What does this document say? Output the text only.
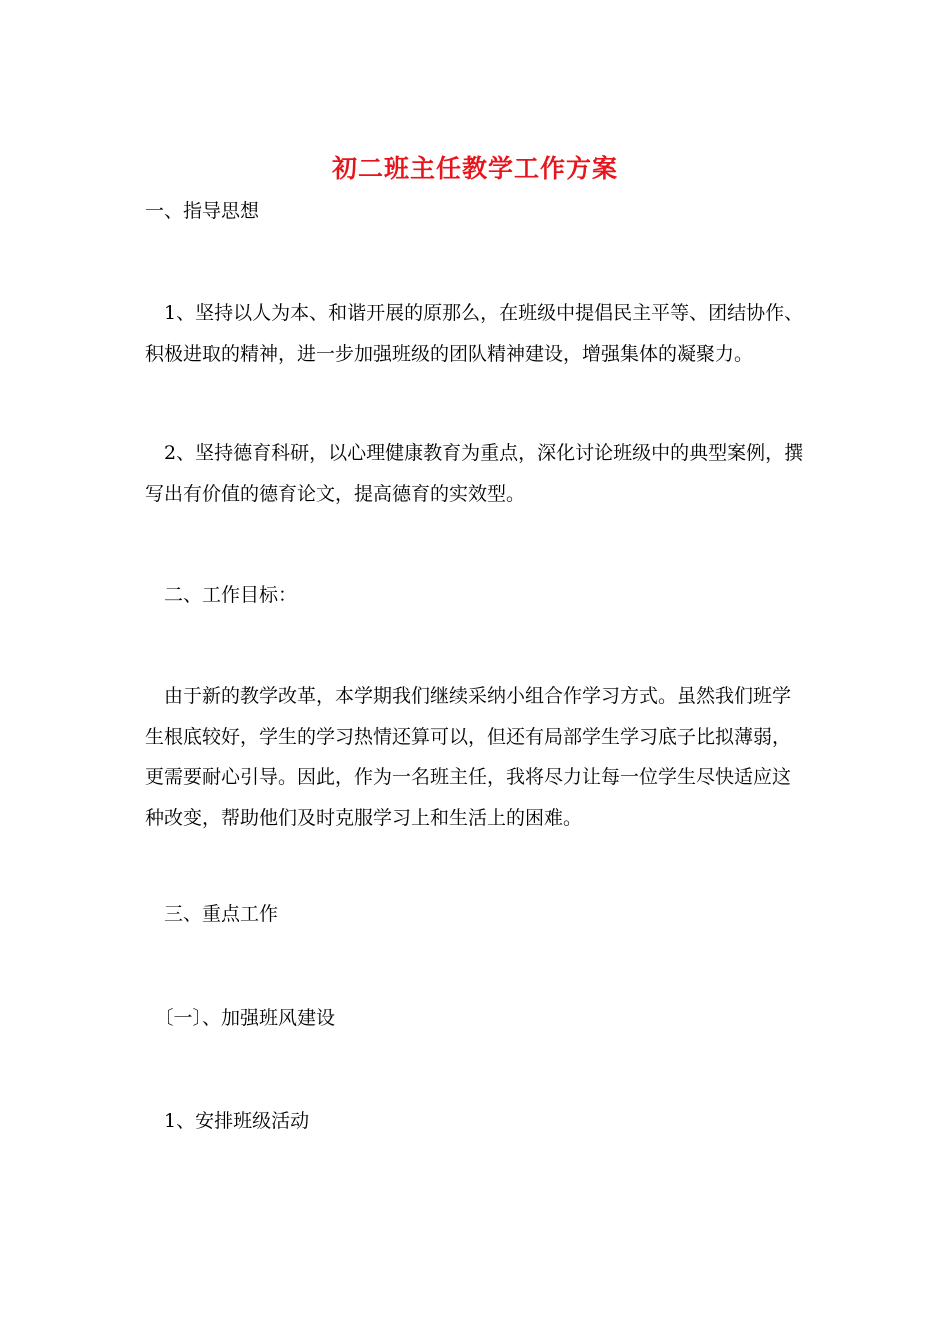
初二班主任教学工作方案
一、指导思想
　1、坚持以人为本、和谐开展的原那么，在班级中提倡民主平等、团结协作、
积极进取的精神，进一步加强班级的团队精神建设，增强集体的凝聚力。
　2、坚持德育科研，以心理健康教育为重点，深化讨论班级中的典型案例，撰
写出有价值的德育论文，提高德育的实效型。
　二、工作目标：
　由于新的教学改革，本学期我们继续采纳小组合作学习方式。虽然我们班学
生根底较好，学生的学习热情还算可以，但还有局部学生学习底子比拟薄弱，
更需要耐心引导。因此，作为一名班主任，我将尽力让每一位学生尽快适应这
种改变，帮助他们及时克服学习上和生活上的困难。
　三、重点工作
　〔一〕、加强班风建设
　1、安排班级活动
